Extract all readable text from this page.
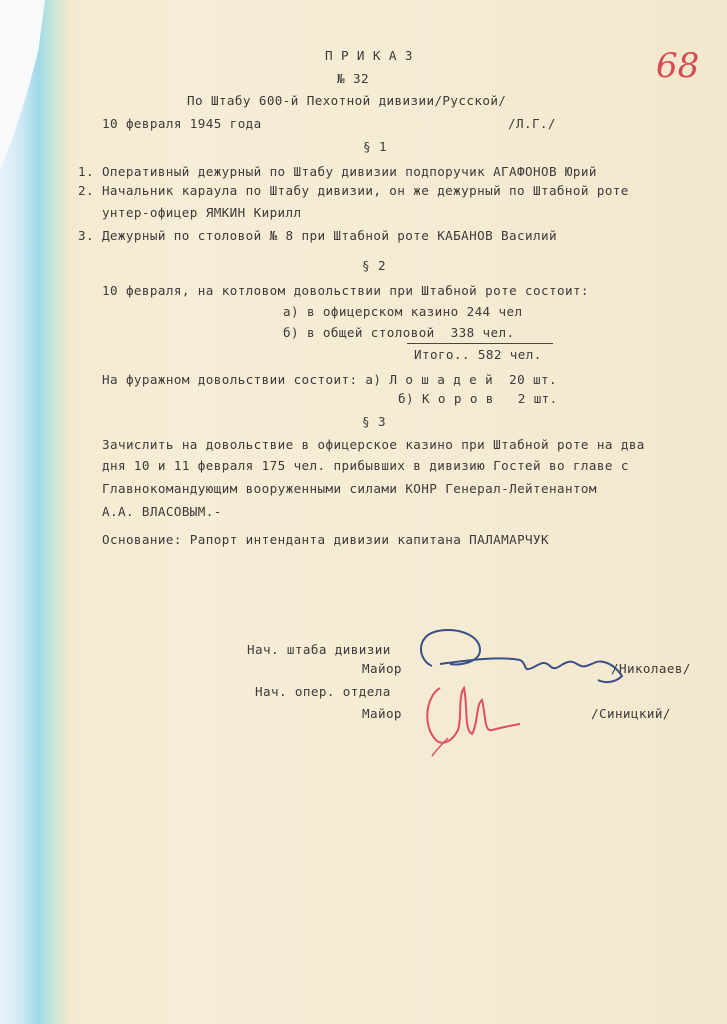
68
П Р И К А З
№ 32
По Штабу 600-й Пехотной дивизии/Русской/
10 февраля 1945 года	/Л.Г./
§ 1
1. Оперативный дежурный по Штабу дивизии подпоручик АГАФОНОВ Юрий
2. Начальник караула по Штабу дивизии, он же дежурный по Штабной роте
унтер-офицер ЯМКИН Кирилл
3. Дежурный по столовой № 8 при Штабной роте КАБАНОВ Василий
§ 2
10 февраля, на котловом довольствии при Штабной роте состоит:
а) в офицерском казино 244 чел
б) в общей столовой  338 чел.
Итого.. 582 чел.
На фуражном довольствии состоит: а) Л о ш а д е й  20 шт.
б) К о р о в   2 шт.
§ 3
Зачислить на довольствие в офицерское казино при Штабной роте на два
дня 10 и 11 февраля 175 чел. прибывших в дивизию Гостей во главе с
Главнокомандующим вооруженными силами КОНР Генерал-Лейтенантом
А.А. ВЛАСОВЫМ.-
Основание: Рапорт интенданта дивизии капитана ПАЛАМАРЧУК
Нач. штаба дивизии
Майор	/Николаев/
Нач. опер. отдела
Майор	/Синицкий/
